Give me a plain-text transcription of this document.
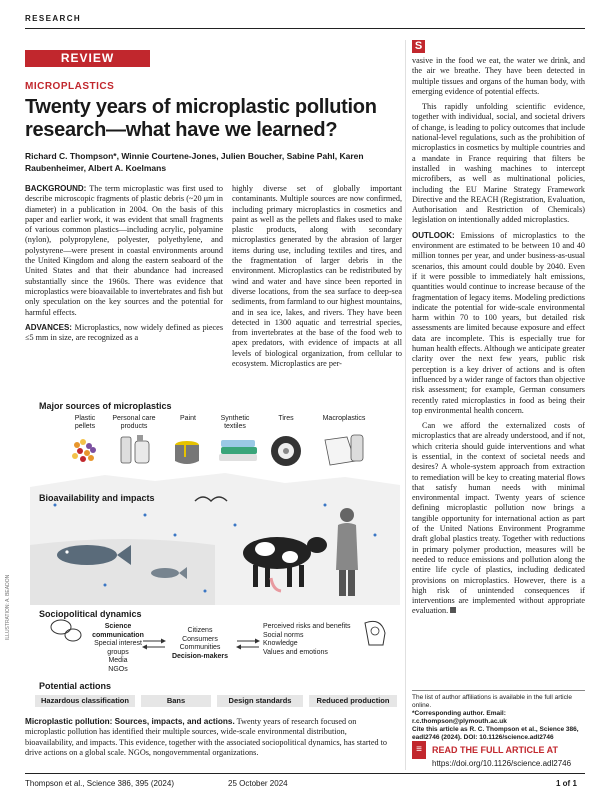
RESEARCH
REVIEW SUMMARY
MICROPLASTICS
Twenty years of microplastic pollution research—what have we learned?
Richard C. Thompson*, Winnie Courtene-Jones, Julien Boucher, Sabine Pahl, Karen Raubenheimer, Albert A. Koelmans

BACKGROUND: The term microplastic was first used to describe microscopic fragments of plastic debris (~20 μm in diameter) in a publication in 2004. On the basis of this paper and earlier work, it was evident that small fragments of various common plastics—including acrylic, polyamine (nylon), polypropylene, polyester, polyethylene, and polystyrene—were present in coastal environments around the United Kingdom and along the eastern seaboard of the United States and that their abundance had increased substantially since the 1960s. There was evidence that microplastics were bioavailable to invertebrates and fish but only speculation on the key sources and the potential for harmful effects.

ADVANCES: Microplastics, now widely defined as pieces ≤5 mm in size, are recognized as a

highly diverse set of globally important contaminants. Multiple sources are now confirmed, including primary microplastics in cosmetics and paint as well as the pellets and flakes used to make plastic products, along with secondary microplastics generated by the abrasion of larger items during use, including textiles and tires, and the fragmentation of larger debris in the environment. Microplastics can be redistributed by wind and water and have since been reported in diverse locations, from the sea surface to deep-sea sediments, from farmland to our highest mountains, and in sea ice, lakes, and rivers. They have been detected in 1300 aquatic and terrestrial species, from invertebrates at the base of the food web to apex predators, with evidence of impacts at all levels of biological organization, from cellular to ecosystem. Microplastics are per-

S

vasive in the food we eat, the water we drink, and the air we breathe. They have been detected in multiple tissues and organs of the human body, with emerging evidence of potential effects.

This rapidly unfolding scientific evidence, together with individual, social, and societal drivers of change, is leading to policy outcomes that include national-level regulations, such as the prohibition of microplastics in cosmetics by multiple countries and a mandate in France requiring that filters be installed in washing machines to intercept microfibers, as well as multinational policies, including the EU Marine Strategy Framework Directive and the REACH (Registration, Evaluation, Authorisation and Restriction of Chemicals) legislation on intentionally added microplastics.

OUTLOOK: Emissions of microplastics to the environment are estimated to be between 10 and 40 million tonnes per year, and under business-as-usual scenarios, this amount could double by 2040. Even if it were possible to immediately halt emissions, quantities would continue to increase because of the fragmentation of legacy items. Modeling predictions indicate the potential for wide-scale environmental harm within 70 to 100 years, but detailed risk assessments are limited because exposure and effect data are incomplete. This is especially true for human health effects. Although we anticipate greater clarity over the next few years, public risk perception is a key driver of actions and is often influenced by a wider range of factors than objective risk assessment; for example, German consumers recently rated microplastics in food as being their top environmental health concern.

Can we afford the externalized costs of microplastics that are already understood, and if not, which criteria should guide interventions and what is essential, in the context of societal needs and desires? A whole-system approach from extraction to remediation will be key to creating material flows that satisfy human needs with minimal environmental impact. Twenty years of science defining microplastic pollution now brings a tangible opportunity for international action as part of the United Nations Environment Programme draft global plastics treaty. Together with reductions in primary polymer production, measures will be needed to reduce emissions and pollution along the entire life cycle of plastics, including dedicated provisions on microplastics. However, there is a high risk of unintended consequences if interventions are implemented without appropriate evaluation.

Major sources of microplastics
Plastic pellets
Personal care products
Paint	Synthetic textiles
Tires	Macroplastics
Bioavailability and impacts
Sociopolitical dynamics
Science communication
Special interest groups
Media
NGOs
Citizens
Consumers
Communities
Decision-makers
Perceived risks and benefits
Social norms
Knowledge
Values and emotions
Potential actions
Hazardous classification	Bans	Design standards	Reduced production
ILLUSTRATION: A. BEADON
Microplastic pollution: Sources, impacts, and actions. Twenty years of research focused on microplastic pollution has identified their multiple sources, wide-scale environmental distribution, bioavailability, and impacts. This evidence, together with the associated sociopolitical dynamics, has started to drive actions on a global scale. NGOs, nongovernmental organizations.
The list of author affiliations is available in the full article online.
*Corresponding author. Email: r.c.thompson@plymouth.ac.uk
Cite this article as R. C. Thompson et al., Science 386, eadl2746 (2024). DOI: 10.1126/science.adl2746
≡	READ THE FULL ARTICLE AT
https://doi.org/10.1126/science.adl2746
Thompson et al., Science 386, 395 (2024)	25 October 2024	1 of 1
